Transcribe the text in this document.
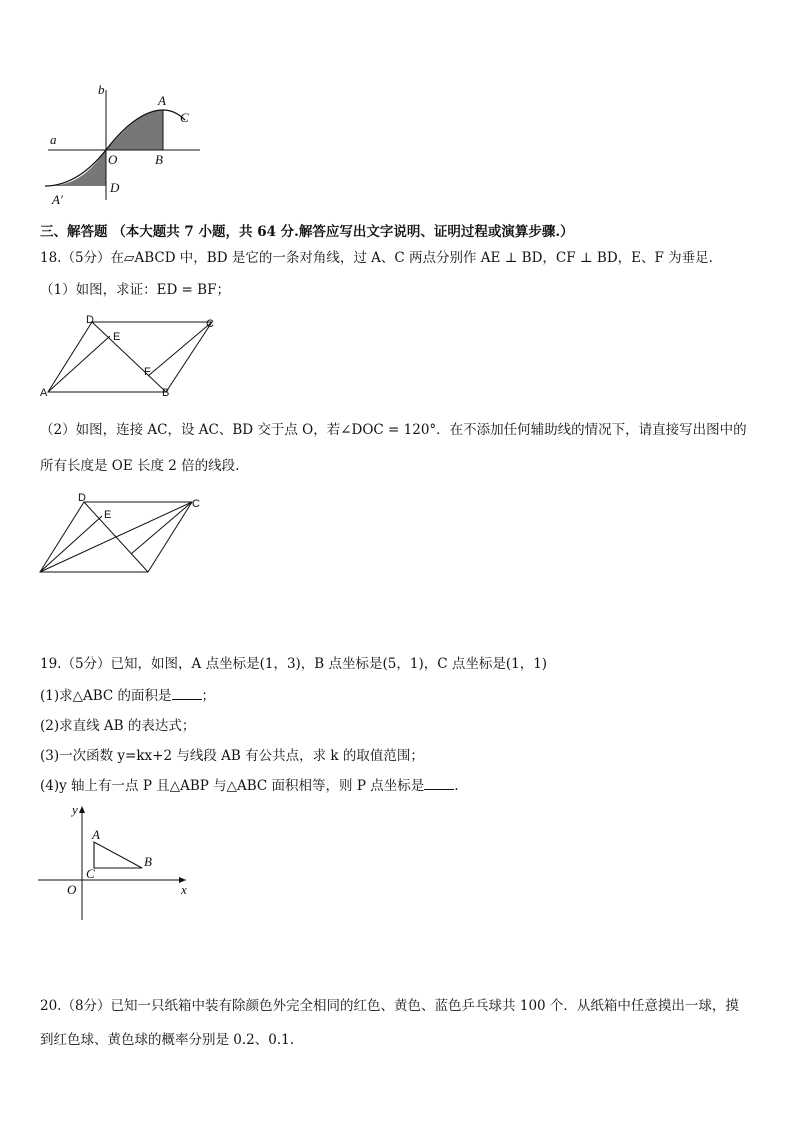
a
b
A
C
O	B
D
A′
三、解答题 （本大题共 7 小题，共 64 分.解答应写出文字说明、证明过程或演算步骤.）
18.（5分）在▱ABCD 中，BD 是它的一条对角线，过 A、C 两点分别作 AE ⊥ BD，CF ⊥ BD，E、F 为垂足.
（1）如图，求证：ED = BF；
D
E
C
F
A	B
（2）如图，连接 AC，设 AC、BD 交于点 O，若∠DOC = 120°．在不添加任何辅助线的情况下，请直接写出图中的
所有长度是 OE 长度 2 倍的线段.
D
E
C
19.（5分）已知，如图，A 点坐标是(1，3)，B 点坐标是(5，1)，C 点坐标是(1，1)
(1)求△ABC 的面积是 ；
(2)求直线 AB 的表达式；
(3)一次函数 y=kx+2 与线段 AB 有公共点，求 k 的取值范围；
(4)y 轴上有一点 P 且△ABP 与△ABC 面积相等，则 P 点坐标是 .
y
x
O
A
B
C
20.（8分）已知一只纸箱中装有除颜色外完全相同的红色、黄色、蓝色乒乓球共 100 个．从纸箱中任意摸出一球，摸
到红色球、黄色球的概率分别是 0.2、0.1.
